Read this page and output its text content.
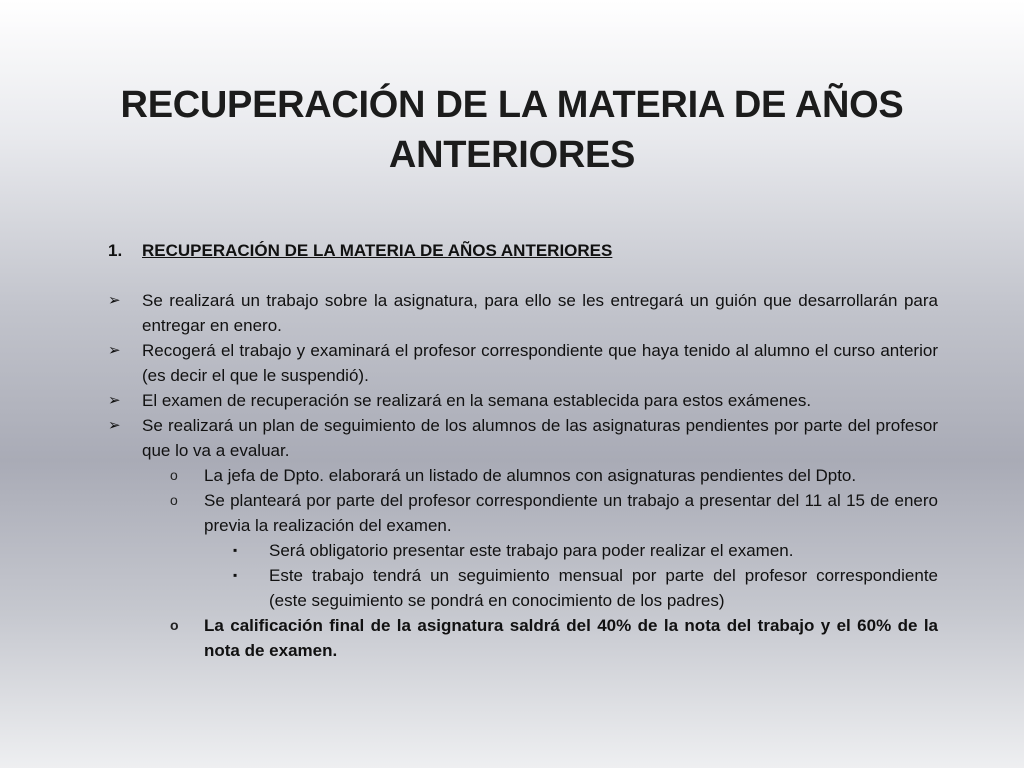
RECUPERACIÓN DE LA MATERIA DE AÑOS ANTERIORES
1.	RECUPERACIÓN DE LA MATERIA DE AÑOS ANTERIORES
➢	Se realizará un trabajo sobre la asignatura, para ello se les entregará un guión que desarrollarán para entregar en enero.
➢	Recogerá el trabajo y examinará el profesor correspondiente que haya tenido al alumno el curso anterior (es decir el que le suspendió).
➢	El examen de recuperación se realizará en la semana establecida para estos exámenes.
➢	Se realizará un plan de seguimiento de los alumnos de las asignaturas pendientes por parte del profesor que lo va a evaluar.
o	La jefa de Dpto. elaborará un listado de alumnos con asignaturas pendientes del Dpto.
o	Se planteará por parte del profesor correspondiente un trabajo a presentar del 11 al 15 de enero previa la realización del examen.
▪	Será obligatorio presentar este trabajo para poder realizar el examen.
▪	Este trabajo tendrá un seguimiento mensual por parte del profesor correspondiente (este seguimiento se pondrá en conocimiento de los padres)
o	La calificación final de la asignatura saldrá del 40% de la nota del trabajo y el 60% de la nota de examen.
